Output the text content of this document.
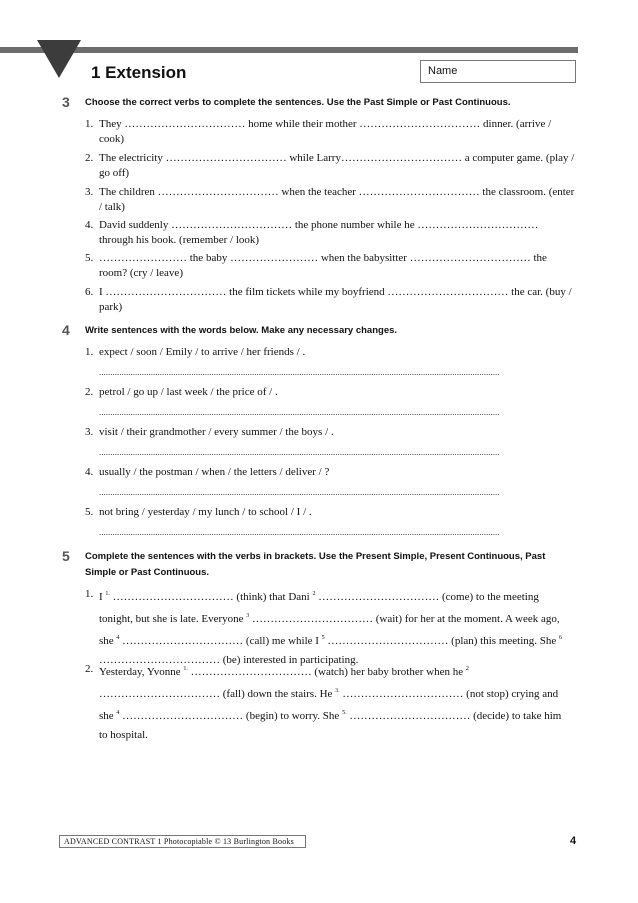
1 Extension	Name
3 Choose the correct verbs to complete the sentences. Use the Past Simple or Past Continuous.
1. They …………………………… home while their mother …………………………… dinner. (arrive / cook)
2. The electricity …………………………… while Larry…………………………… a computer game. (play / go off)
3. The children …………………………… when the teacher …………………………… the classroom. (enter / talk)
4. David suddenly …………………………… the phone number while he …………………………… through his book. (remember / look)
5. …………………… the baby …………………… when the babysitter …………………………… the room? (cry / leave)
6. I …………………………… the film tickets while my boyfriend …………………………… the car. (buy / park)
4 Write sentences with the words below. Make any necessary changes.
1. expect / soon / Emily / to arrive / her friends / .
..................................................................................................................................................................................
2. petrol / go up / last week / the price of / .
..................................................................................................................................................................................
3. visit / their grandmother / every summer / the boys / .
..................................................................................................................................................................................
4. usually / the postman / when / the letters / deliver / ?
..................................................................................................................................................................................
5. not bring / yesterday / my lunch / to school / I / .
..................................................................................................................................................................................
5 Complete the sentences with the verbs in brackets. Use the Present Simple, Present Continuous, Past Simple or Past Continuous.
1. I $^{1.}$ …………………………… (think) that Dani $^2$ …………………………… (come) to the meeting tonight, but she is late. Everyone $^3$ …………………………… (wait) for her at the moment. A week ago, she $^4$ …………………………… (call) me while I $^5$ …………………………… (plan) this meeting. She $^6$ …………………………… (be) interested in participating.
2. Yesterday, Yvonne $^{1.}$ …………………………… (watch) her baby brother when he $^2$ …………………………… (fall) down the stairs. He $^{3.}$ …………………………… (not stop) crying and she $^4$ …………………………… (begin) to worry. She $^{5.}$ …………………………… (decide) to take him to hospital.
ADVANCED CONTRAST 1 Photocopiable © 13 Burlington Books	4
